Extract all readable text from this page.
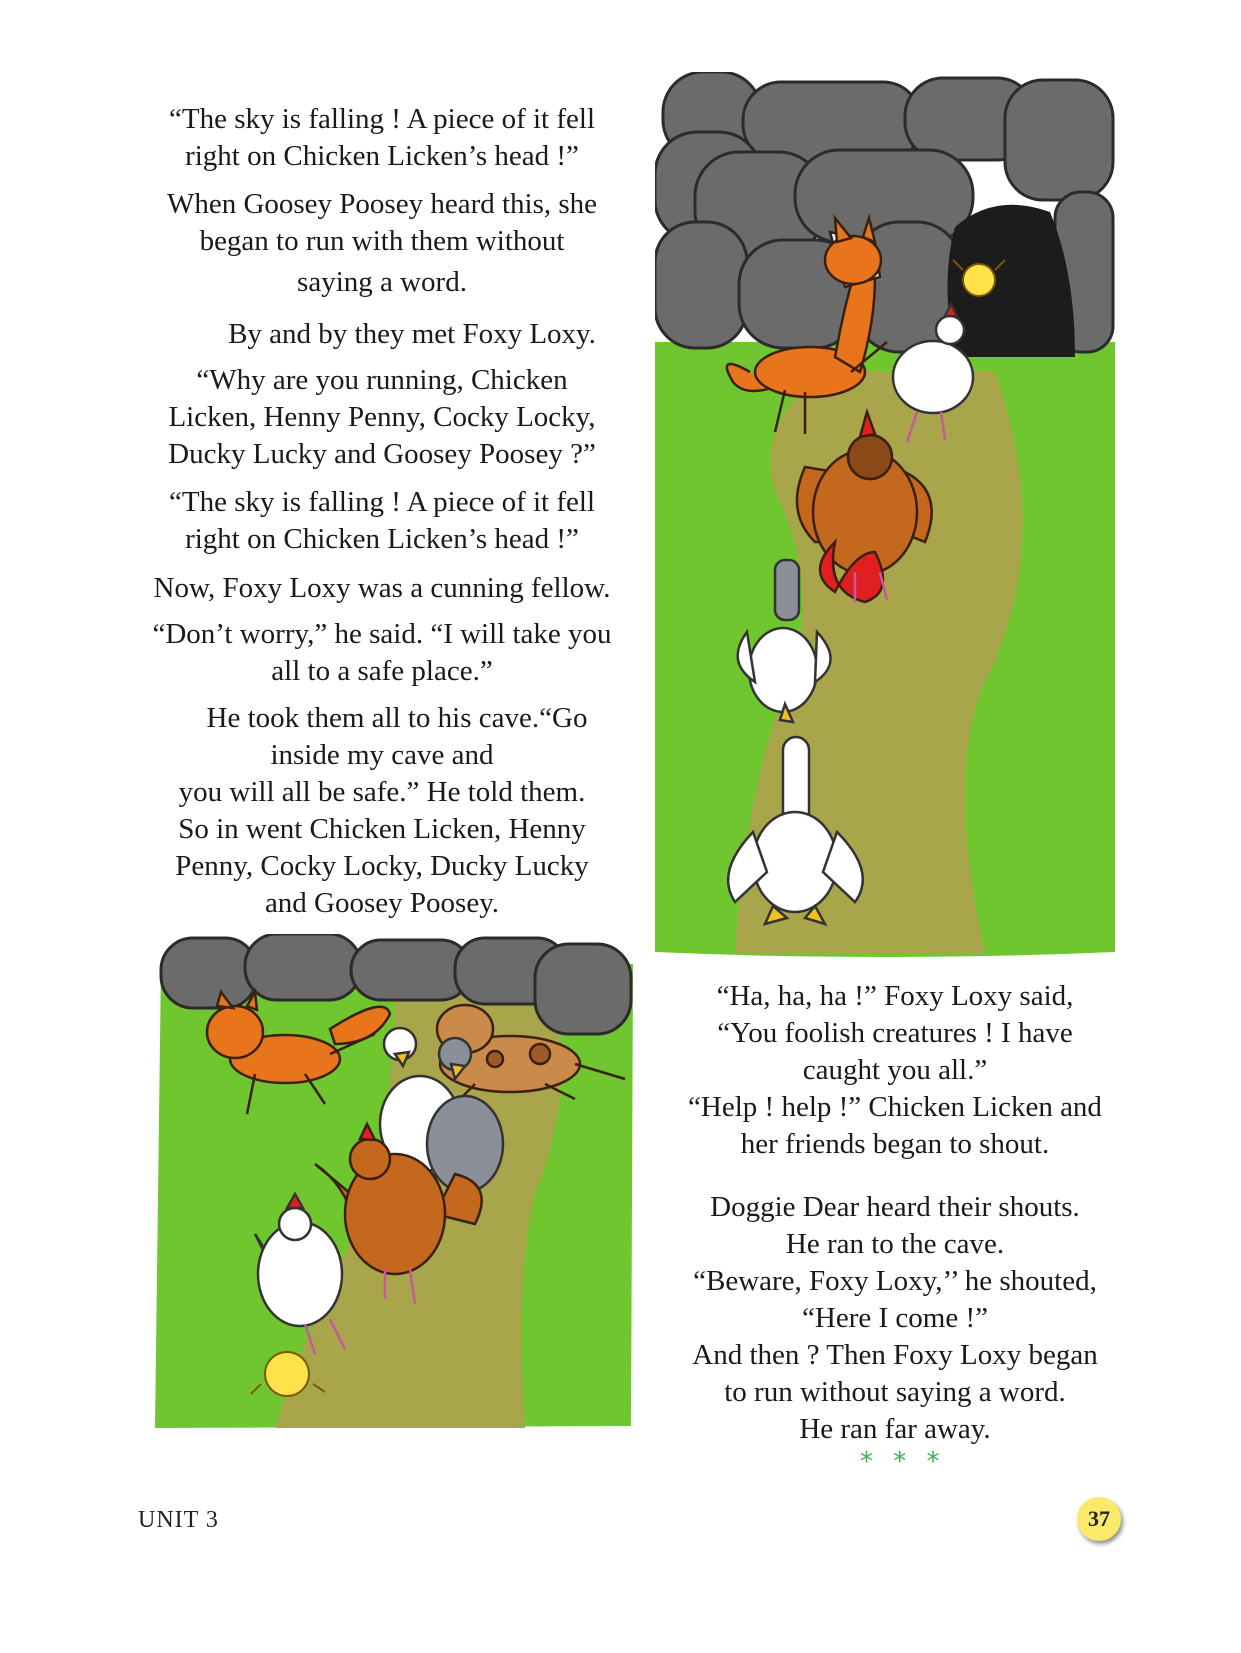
“The sky is falling ! A piece of it fell
right on Chicken Licken’s head !”

When Goosey Poosey heard this, she
began to run with them without
saying a word.

By and by they met Foxy Loxy.

“Why are you running, Chicken
Licken, Henny Penny, Cocky Locky,
Ducky Lucky and Goosey Poosey ?”

“The sky is falling ! A piece of it fell
right on Chicken Licken’s head !”

Now, Foxy Loxy was a cunning fellow.

“Don’t worry,” he said. “I will take you
all to a safe place.”

He took them all to his cave.“Go
inside my cave and
you will all be safe.” He told them.
So in went Chicken Licken, Henny
Penny, Cocky Locky, Ducky Lucky
and Goosey Poosey.

“Ha, ha, ha !” Foxy Loxy said,
“You foolish creatures ! I have
caught you all.”
“Help ! help !” Chicken Licken and
her friends began to shout.

Doggie Dear heard their shouts.
He ran to the cave.
“Beware, Foxy Loxy,’’ he shouted,
“Here I come !”
And then ? Then Foxy Loxy began
to run without saying a word.
He ran far away.

* * *
UNIT 3	37
